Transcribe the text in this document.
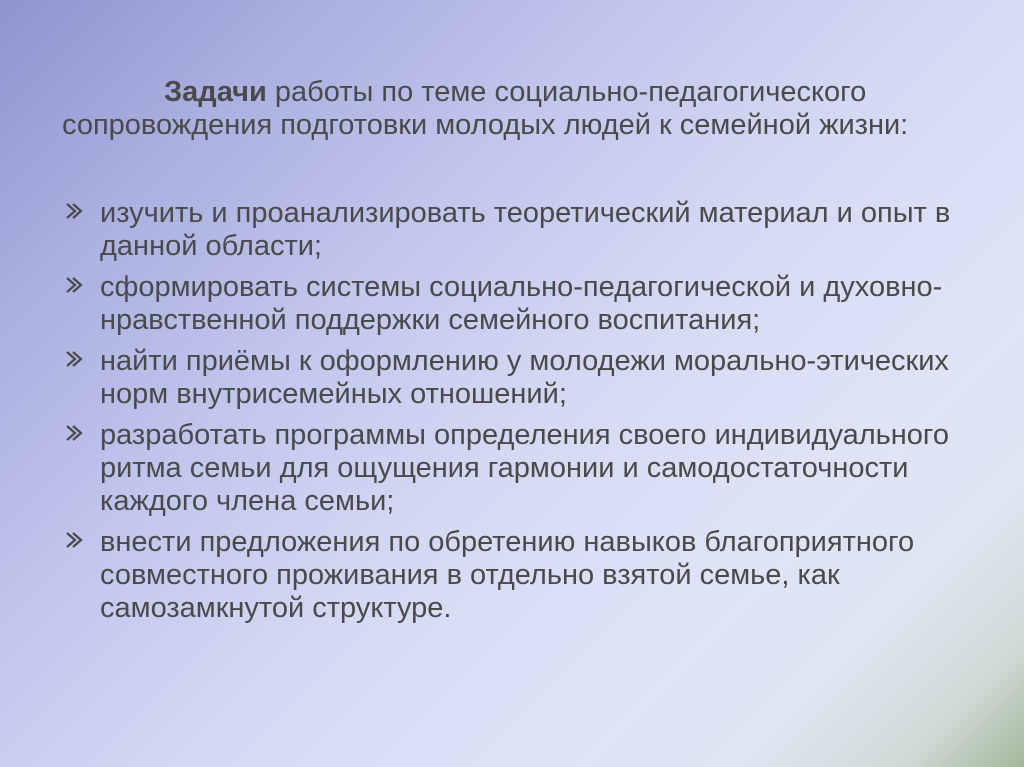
Задачи работы по теме социально-педагогического сопровождения подготовки молодых людей к семейной жизни:

изучить и проанализировать теоретический материал и опыт в данной области;
сформировать системы социально-педагогической и духовно-нравственной поддержки семейного воспитания;
найти приёмы к оформлению у молодежи морально-этических норм внутрисемейных отношений;
разработать программы определения своего индивидуального ритма семьи для ощущения гармонии и самодостаточности каждого члена семьи;
внести предложения по обретению навыков благоприятного совместного проживания в отдельно взятой семье, как самозамкнутой структуре.
